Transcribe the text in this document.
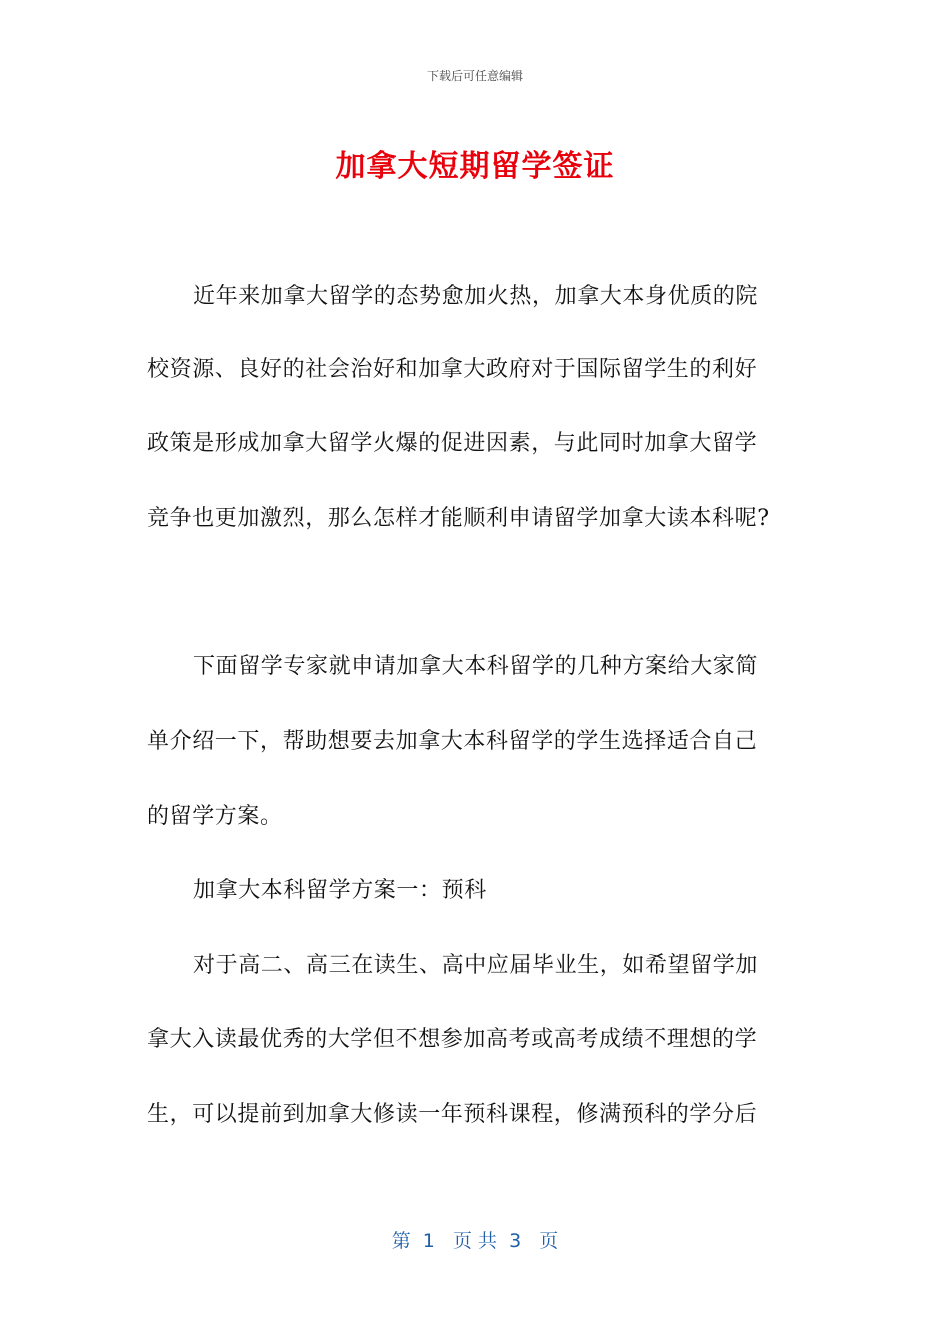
下载后可任意编辑
加拿大短期留学签证
近年来加拿大留学的态势愈加火热，加拿大本身优质的院
校资源、良好的社会治好和加拿大政府对于国际留学生的利好
政策是形成加拿大留学火爆的促进因素，与此同时加拿大留学
竞争也更加激烈，那么怎样才能顺利申请留学加拿大读本科呢?
下面留学专家就申请加拿大本科留学的几种方案给大家简
单介绍一下，帮助想要去加拿大本科留学的学生选择适合自己
的留学方案。
加拿大本科留学方案一：预科
对于高二、高三在读生、高中应届毕业生，如希望留学加
拿大入读最优秀的大学但不想参加高考或高考成绩不理想的学
生，可以提前到加拿大修读一年预科课程，修满预科的学分后
第  1   页 共  3   页
